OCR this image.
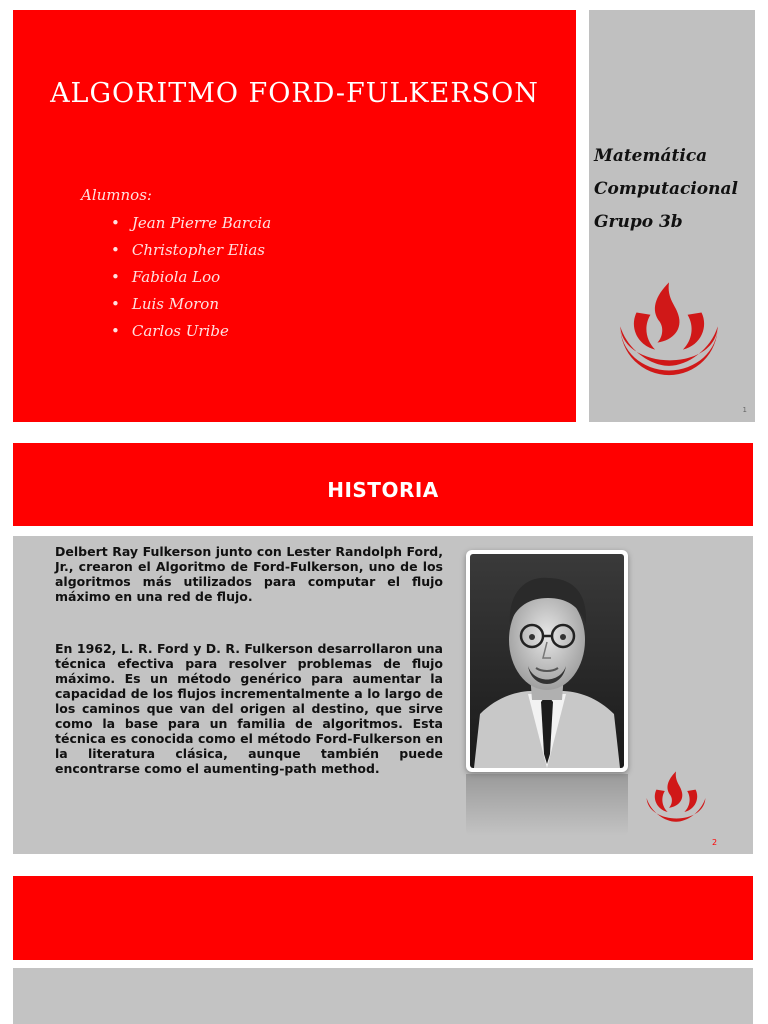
ALGORITMO FORD-FULKERSON
Alumnos:
• Jean Pierre Barcia
• Christopher Elias
• Fabiola Loo
• Luis Moron
• Carlos Uribe
Matemática
Computacional
Grupo 3b
1
HISTORIA

Delbert Ray Fulkerson junto con Lester Randolph Ford, Jr., crearon el Algoritmo de Ford-Fulkerson, uno de los algoritmos más utilizados para computar el flujo máximo en una red de flujo.

En 1962, L. R. Ford y D. R. Fulkerson desarrollaron una técnica efectiva para resolver problemas de flujo máximo. Es un método genérico para aumentar la capacidad de los flujos incrementalmente a lo largo de los caminos que van del origen al destino, que sirve como la base para un familia de algoritmos. Esta técnica es conocida como el método Ford-Fulkerson en la literatura clásica, aunque también puede encontrarse como el aumenting-path method.

2
